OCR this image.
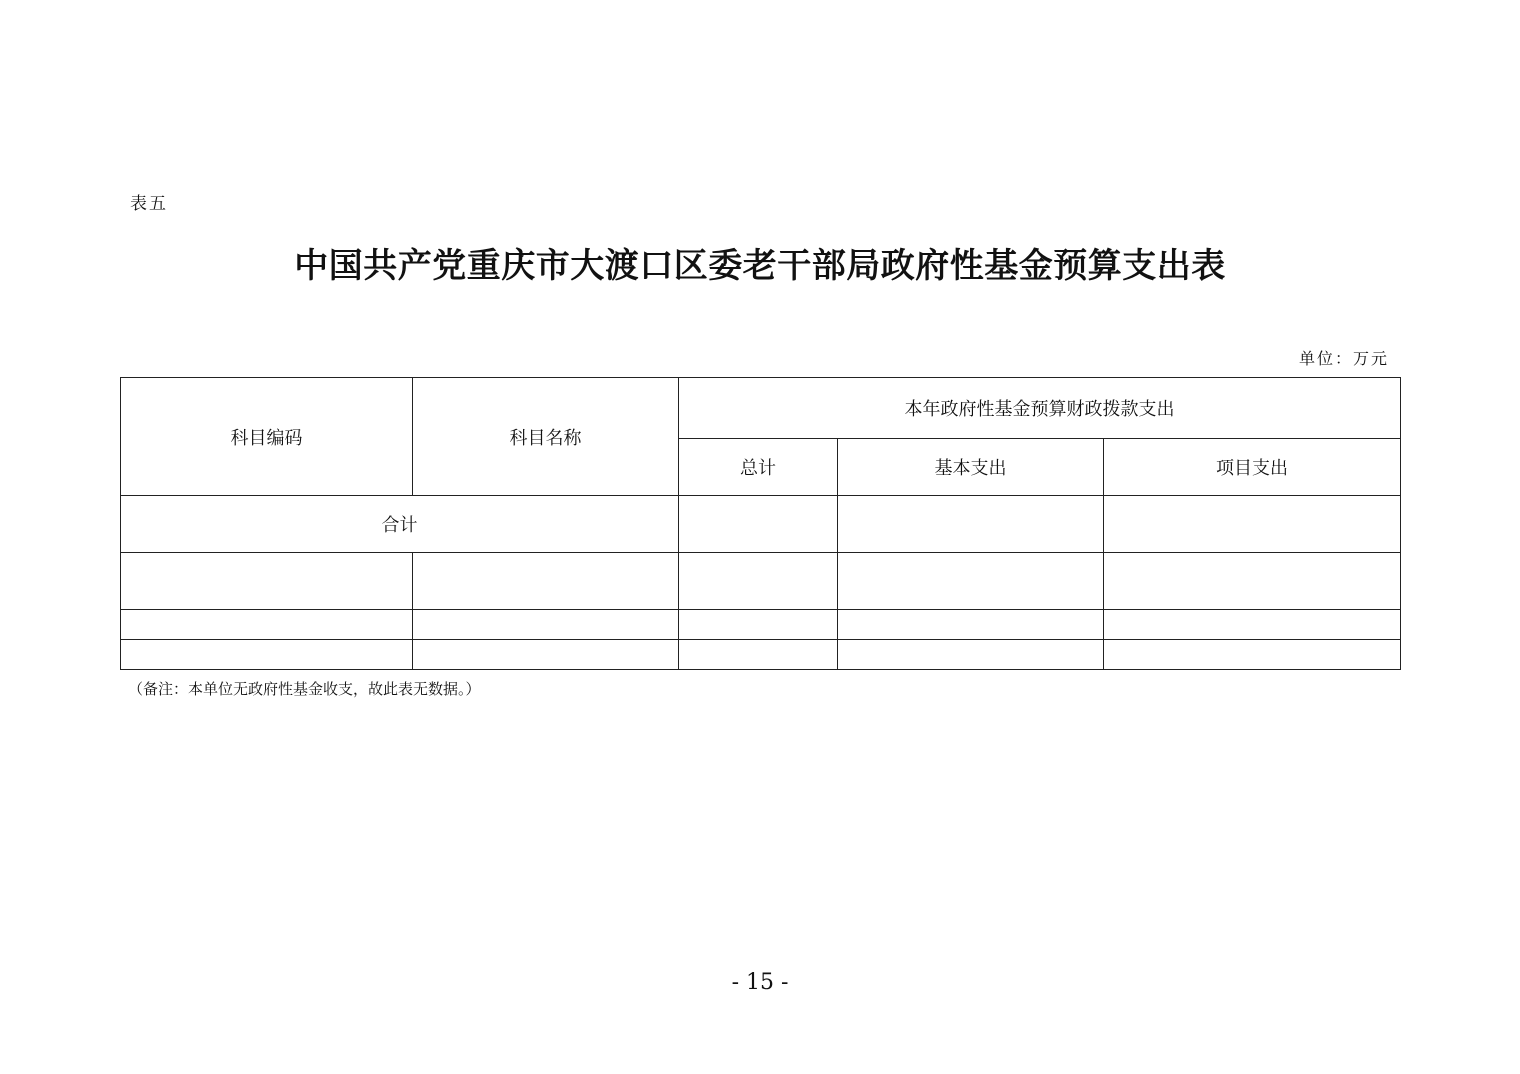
表五
中国共产党重庆市大渡口区委老干部局政府性基金预算支出表
单位：万元
科目编码	科目名称	本年政府性基金预算财政拨款支出		
		总计	基本支出	项目支出
合计				

（备注：本单位无政府性基金收支，故此表无数据。）
- 15 -
